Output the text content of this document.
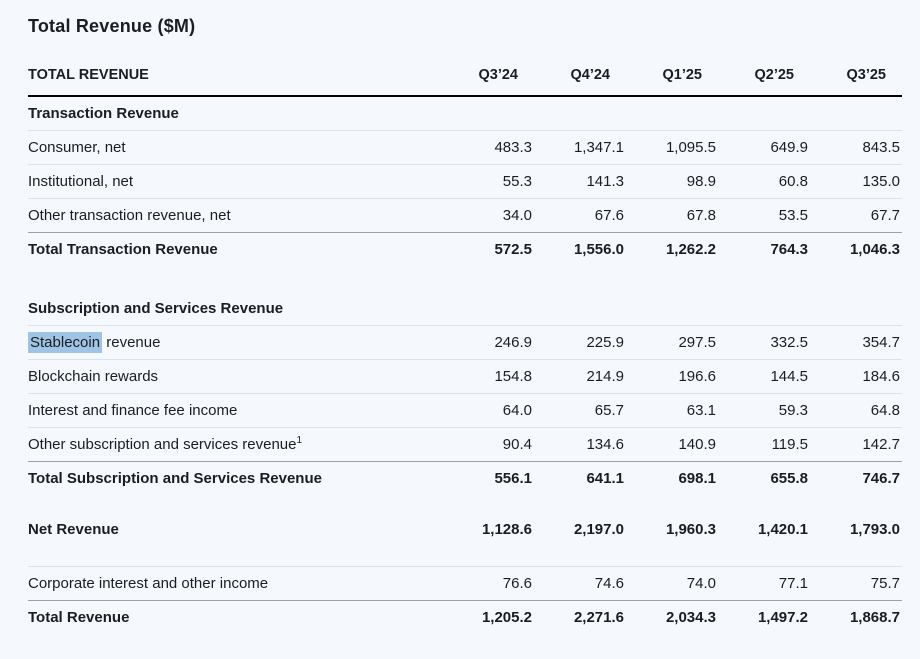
Total Revenue ($M)
TOTAL REVENUE	Q3’24	Q4’24	Q1’25	Q2’25	Q3’25
Transaction Revenue					
Consumer, net	483.3	1,347.1	1,095.5	649.9	843.5
Institutional, net	55.3	141.3	98.9	60.8	135.0
Other transaction revenue, net	34.0	67.6	67.8	53.5	67.7
Total Transaction Revenue	572.5	1,556.0	1,262.2	764.3	1,046.3

Subscription and Services Revenue					
Stablecoin revenue	246.9	225.9	297.5	332.5	354.7
Blockchain rewards	154.8	214.9	196.6	144.5	184.6
Interest and finance fee income	64.0	65.7	63.1	59.3	64.8
Other subscription and services revenue$^1$	90.4	134.6	140.9	119.5	142.7
Total Subscription and Services Revenue	556.1	641.1	698.1	655.8	746.7

Net Revenue	1,128.6	2,197.0	1,960.3	1,420.1	1,793.0

Corporate interest and other income	76.6	74.6	74.0	77.1	75.7
Total Revenue	1,205.2	2,271.6	2,034.3	1,497.2	1,868.7
